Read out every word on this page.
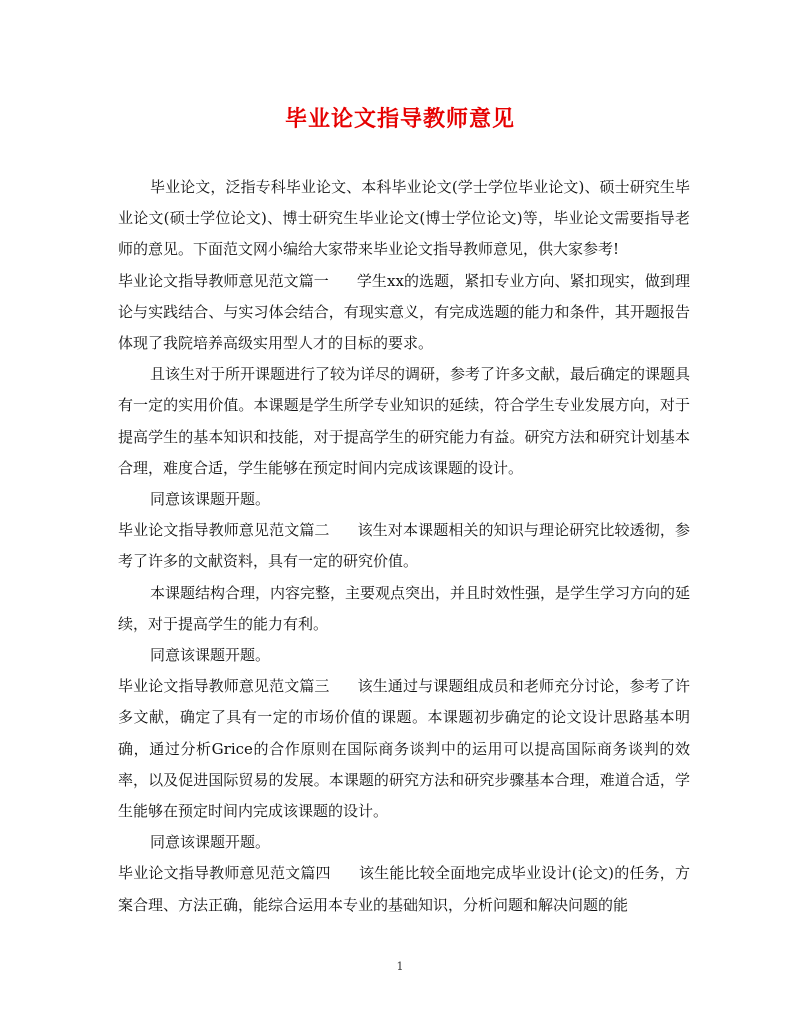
毕业论文指导教师意见

毕业论文，泛指专科毕业论文、本科毕业论文(学士学位毕业论文)、硕士研究生毕业论文(硕士学位论文)、博士研究生毕业论文(博士学位论文)等，毕业论文需要指导老师的意见。下面范文网小编给大家带来毕业论文指导教师意见，供大家参考!

毕业论文指导教师意见范文篇一 学生xx的选题，紧扣专业方向、紧扣现实，做到理论与实践结合、与实习体会结合，有现实意义，有完成选题的能力和条件，其开题报告体现了我院培养高级实用型人才的目标的要求。

且该生对于所开课题进行了较为详尽的调研，参考了许多文献，最后确定的课题具有一定的实用价值。本课题是学生所学专业知识的延续，符合学生专业发展方向，对于提高学生的基本知识和技能，对于提高学生的研究能力有益。研究方法和研究计划基本合理，难度合适，学生能够在预定时间内完成该课题的设计。

同意该课题开题。

毕业论文指导教师意见范文篇二 该生对本课题相关的知识与理论研究比较透彻，参考了许多的文献资料，具有一定的研究价值。

本课题结构合理，内容完整，主要观点突出，并且时效性强，是学生学习方向的延续，对于提高学生的能力有利。

同意该课题开题。

毕业论文指导教师意见范文篇三 该生通过与课题组成员和老师充分讨论，参考了许多文献，确定了具有一定的市场价值的课题。本课题初步确定的论文设计思路基本明确，通过分析Grice的合作原则在国际商务谈判中的运用可以提高国际商务谈判的效率，以及促进国际贸易的发展。本课题的研究方法和研究步骤基本合理，难道合适，学生能够在预定时间内完成该课题的设计。

同意该课题开题。

毕业论文指导教师意见范文篇四 该生能比较全面地完成毕业设计(论文)的任务，方案合理、方法正确，能综合运用本专业的基础知识，分析问题和解决问题的能

1
